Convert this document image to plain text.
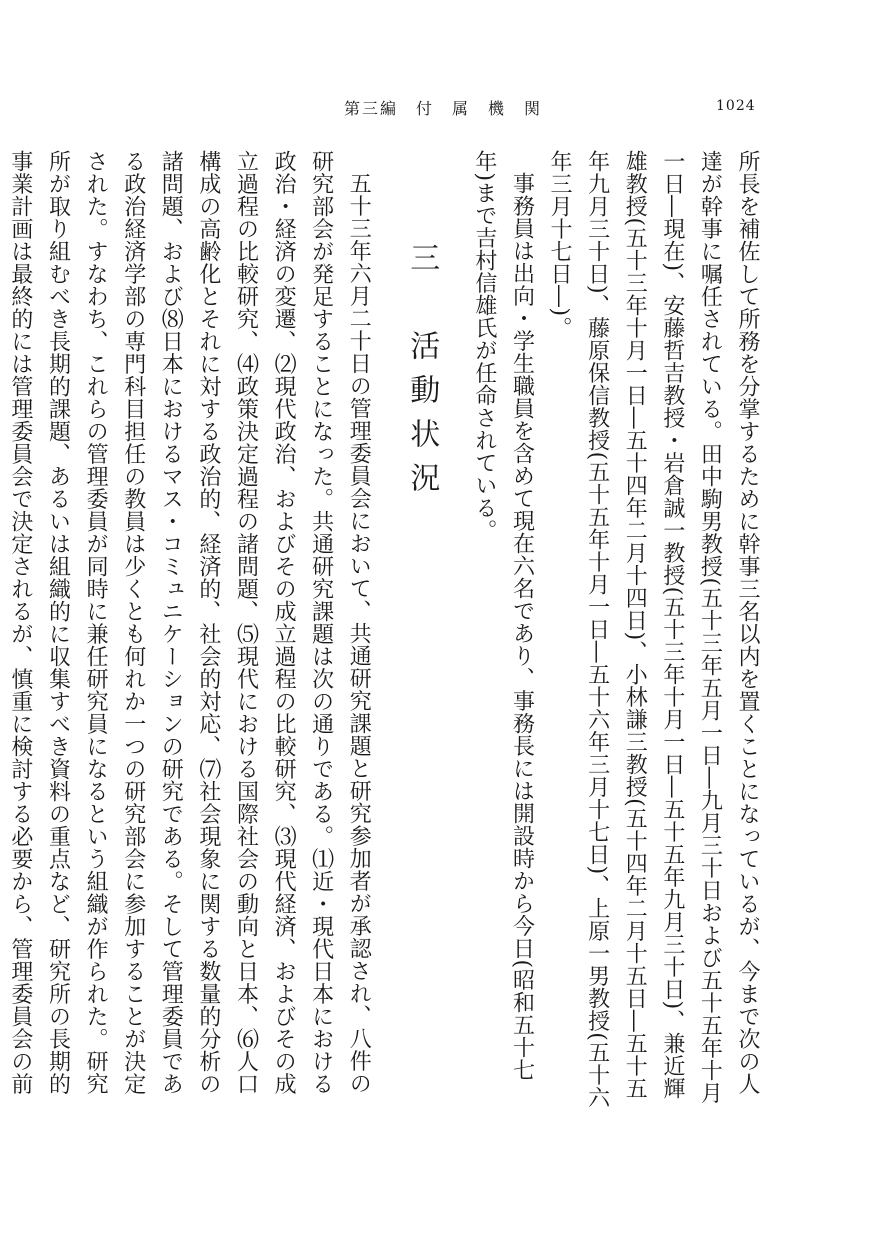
第三編　付　属　機　関	1024

所長を補佐して所務を分掌するために幹事三名以内を置くことになっているが、今まで次の人達が幹事に嘱任されている。田中駒男教授(五十三年五月一日―九月三十日および五十五年十月一日―現在)、安藤哲吉教授・岩倉誠一教授(五十三年十月一日―五十五年九月三十日)、兼近輝雄教授(五十三年十月一日―五十四年二月十四日)、小林謙三教授(五十四年二月十五日―五十五年九月三十日)、藤原保信教授(五十五年十月一日―五十六年三月十七日)、上原一男教授(五十六年三月十七日―)。

事務員は出向・学生職員を含めて現在六名であり、事務長には開設時から今日(昭和五十七年)まで吉村信雄氏が任命されている。

三　活動状況

五十三年六月二十日の管理委員会において、共通研究課題と研究参加者が承認され、八件の研究部会が発足することになった。共通研究課題は次の通りである。⑴近・現代日本における政治・経済の変遷、⑵現代政治、およびその成立過程の比較研究、⑶現代経済、およびその成立過程の比較研究、⑷政策決定過程の諸問題、⑸現代における国際社会の動向と日本、⑹人口構成の高齢化とそれに対する政治的、経済的、社会的対応、⑺社会現象に関する数量的分析の諸問題、および⑻日本におけるマス・コミュニケーションの研究である。そして管理委員である政治経済学部の専門科目担任の教員は少くとも何れか一つの研究部会に参加することが決定された。すなわち、これらの管理委員が同時に兼任研究員になるという組織が作られた。研究所が取り組むべき長期的課題、あるいは組織的に収集すべき資料の重点など、研究所の長期的事業計画は最終的には管理委員会で決定されるが、慎重に検討する必要から、管理委員会の前
